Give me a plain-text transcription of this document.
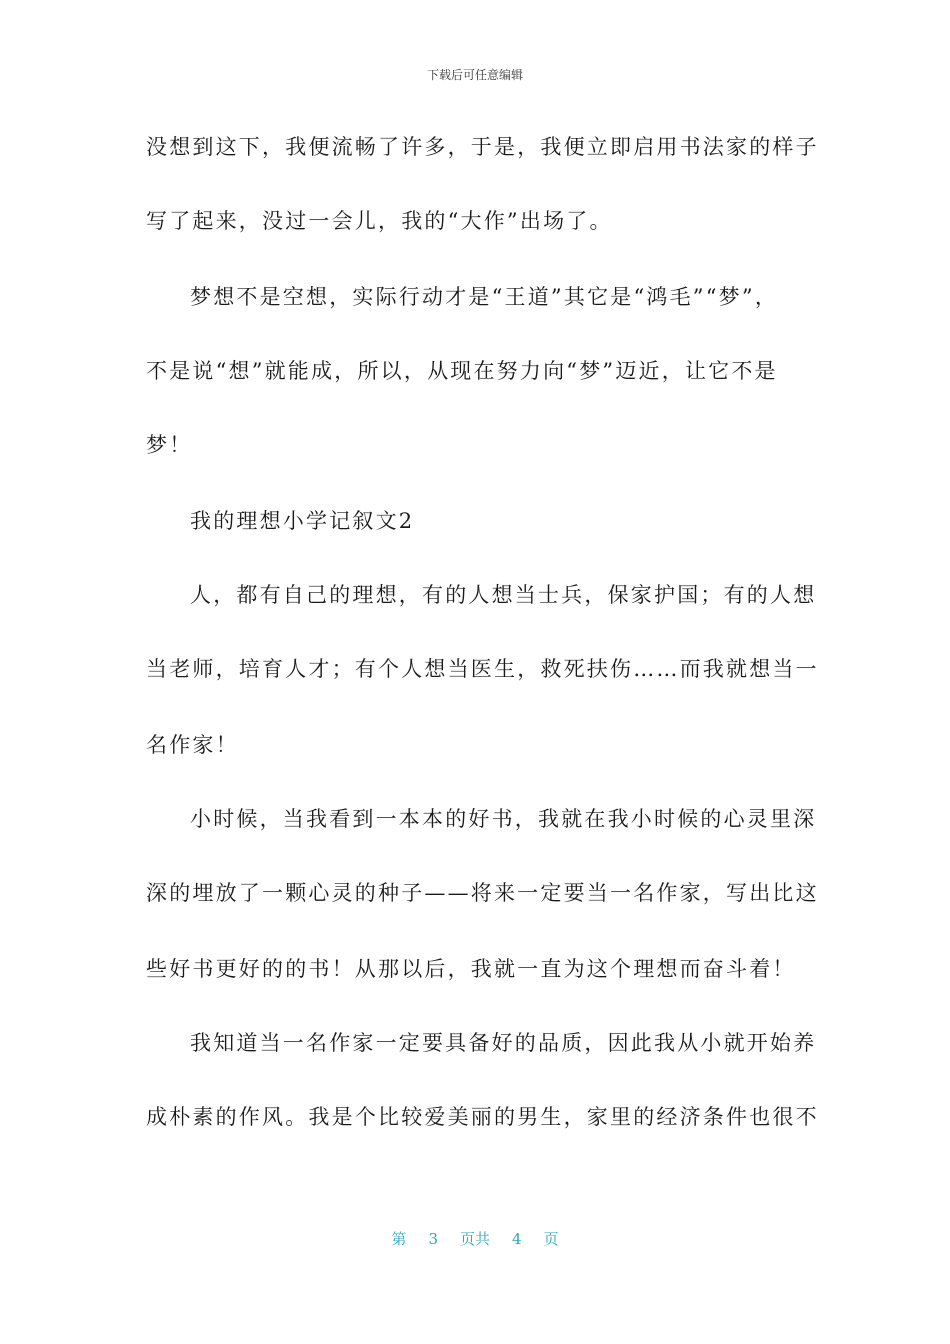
下载后可任意编辑
没想到这下，我便流畅了许多，于是，我便立即启用书法家的样子
写了起来，没过一会儿，我的“大作”出场了。
梦想不是空想，实际行动才是“王道”其它是“鸿毛”“梦”，
不是说“想”就能成，所以，从现在努力向“梦”迈近，让它不是
梦！
我的理想小学记叙文2
人，都有自己的理想，有的人想当士兵，保家护国；有的人想
当老师，培育人才；有个人想当医生，救死扶伤……而我就想当一
名作家！
小时候，当我看到一本本的好书，我就在我小时候的心灵里深
深的埋放了一颗心灵的种子——将来一定要当一名作家，写出比这
些好书更好的的书！从那以后，我就一直为这个理想而奋斗着！
我知道当一名作家一定要具备好的品质，因此我从小就开始养
成朴素的作风。我是个比较爱美丽的男生，家里的经济条件也很不
第 3 页共 4 页
